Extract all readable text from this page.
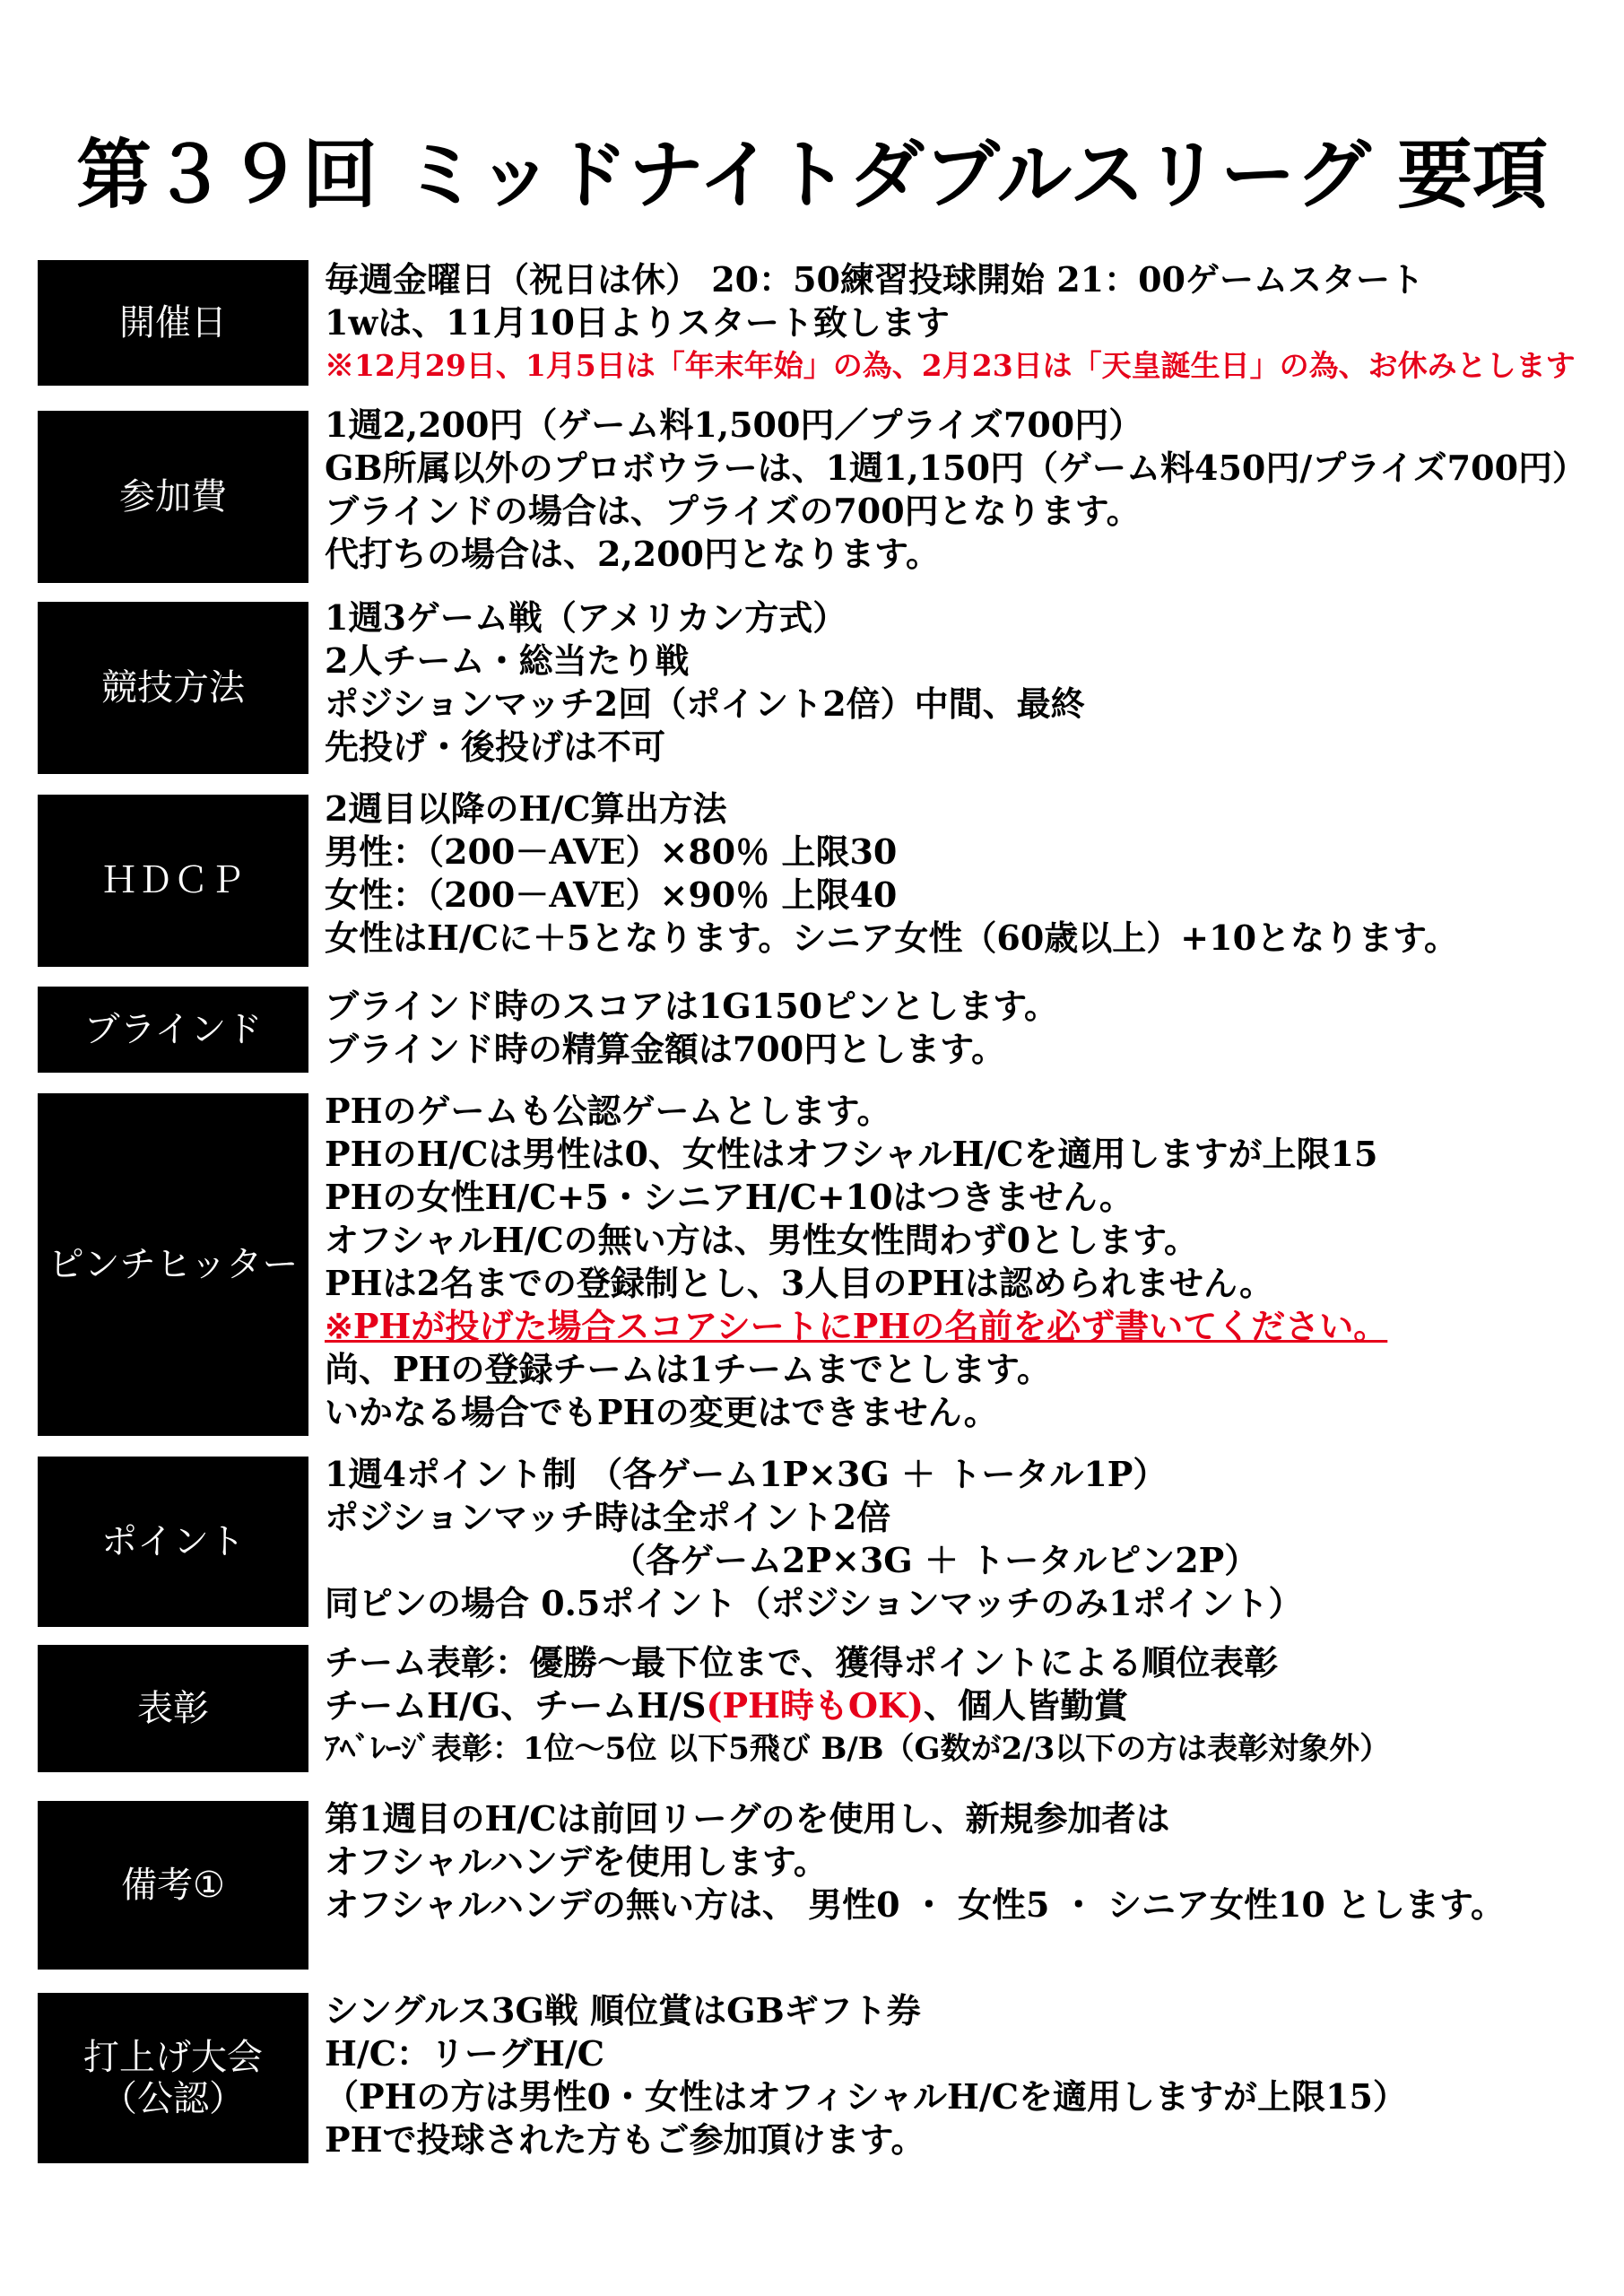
第３９回 ミッドナイトダブルスリーグ 要項
開催日
毎週金曜日（祝日は休） 20：50練習投球開始 21：00ゲームスタート
1wは、11月10日よりスタート致します
※12月29日、1月5日は「年末年始」の為、2月23日は「天皇誕生日」の為、お休みとします
参加費
1週2,200円（ゲーム料1,500円／プライズ700円）
GB所属以外のプロボウラーは、1週1,150円（ゲーム料450円/プライズ700円）
ブラインドの場合は、プライズの700円となります。
代打ちの場合は、2,200円となります。
競技方法
1週3ゲーム戦（アメリカン方式）
2人チーム・総当たり戦
ポジションマッチ2回（ポイント2倍）中間、最終
先投げ・後投げは不可
ＨＤＣＰ
2週目以降のH/C算出方法
男性：（200－AVE）×80％ 上限30
女性：（200－AVE）×90％ 上限40
女性はH/Cに＋5となります。シニア女性（60歳以上）+10となります。
ブラインド
ブラインド時のスコアは1G150ピンとします。
ブラインド時の精算金額は700円とします。
ピンチヒッター
PHのゲームも公認ゲームとします。
PHのH/Cは男性は0、女性はオフシャルH/Cを適用しますが上限15
PHの女性H/C+5・シニアH/C+10はつきません。
オフシャルH/Cの無い方は、男性女性問わず0とします。
PHは2名までの登録制とし、3人目のPHは認められません。
※PHが投げた場合スコアシートにPHの名前を必ず書いてください。
尚、PHの登録チームは1チームまでとします。
いかなる場合でもPHの変更はできません。
ポイント
1週4ポイント制 （各ゲーム1P×3G ＋ トータル1P）
ポジションマッチ時は全ポイント2倍
（各ゲーム2P×3G ＋ トータルピン2P）
同ピンの場合 0.5ポイント（ポジションマッチのみ1ポイント）
表彰
チーム表彰：優勝～最下位まで、獲得ポイントによる順位表彰
チームH/G、チームH/S(PH時もOK)、個人皆勤賞
ｱﾍﾞﾚｰｼﾞ表彰：1位～5位 以下5飛び B/B（G数が2/3以下の方は表彰対象外）
備考①
第1週目のH/Cは前回リーグのを使用し、新規参加者は
オフシャルハンデを使用します。
オフシャルハンデの無い方は、 男性0 ・ 女性5 ・ シニア女性10 とします。
打上げ大会
（公認）
シングルス3G戦 順位賞はGBギフト券
H/C：リーグH/C
（PHの方は男性0・女性はオフィシャルH/Cを適用しますが上限15）
PHで投球された方もご参加頂けます。
